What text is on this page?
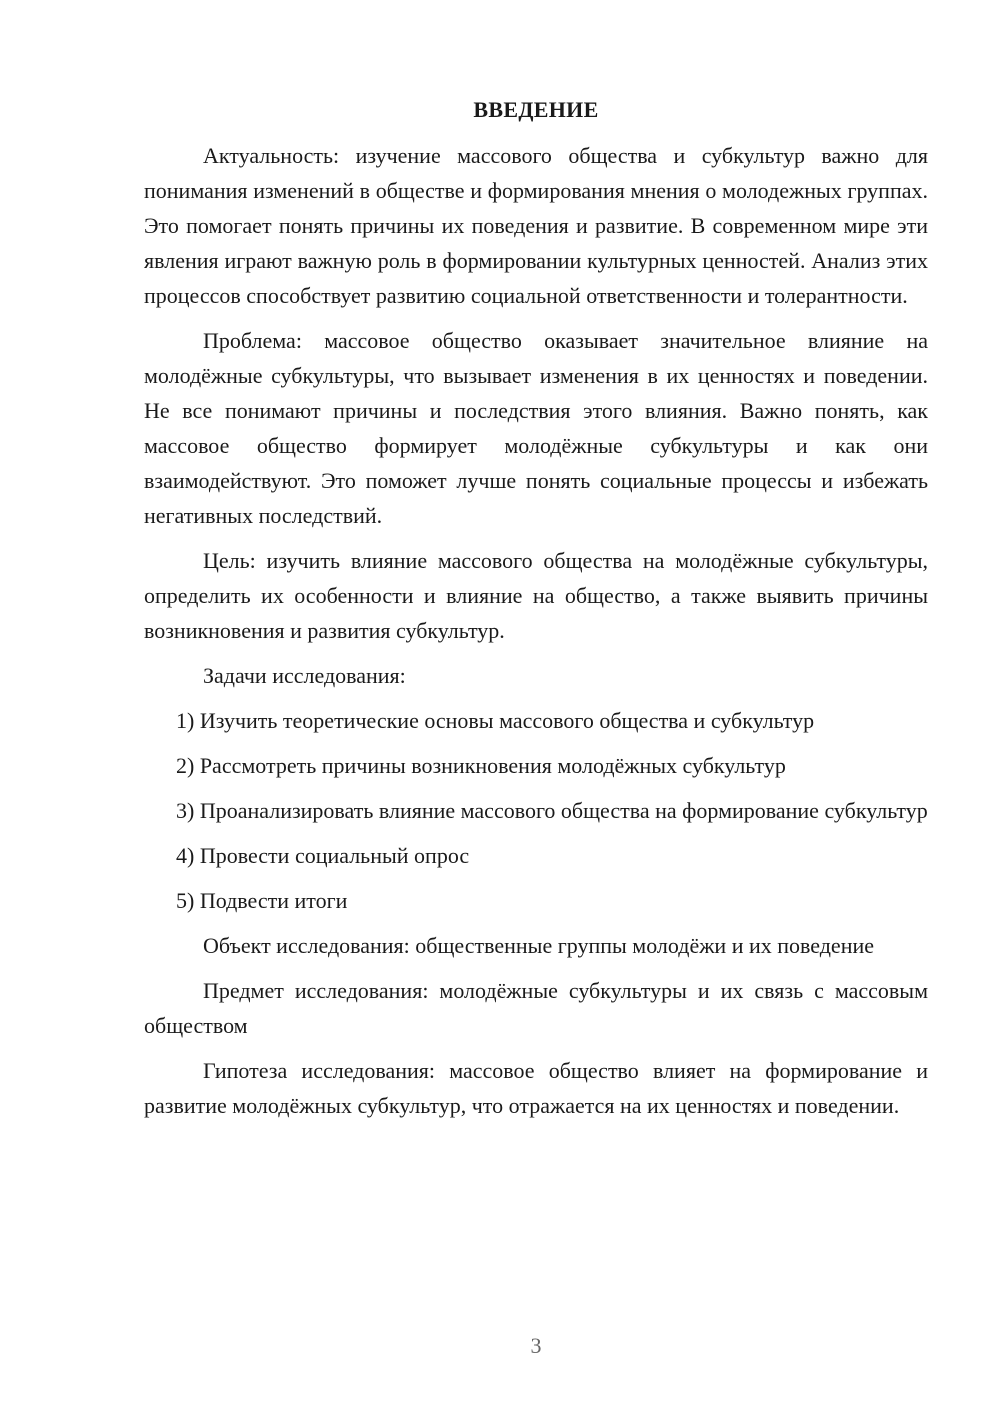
ВВЕДЕНИЕ

Актуальность: изучение массового общества и субкультур важно для понимания изменений в обществе и формирования мнения о молодежных группах. Это помогает понять причины их поведения и развитие. В современном мире эти явления играют важную роль в формировании культурных ценностей. Анализ этих процессов способствует развитию социальной ответственности и толерантности.

Проблема: массовое общество оказывает значительное влияние на молодёжные субкультуры, что вызывает изменения в их ценностях и поведении. Не все понимают причины и последствия этого влияния. Важно понять, как массовое общество формирует молодёжные субкультуры и как они взаимодействуют. Это поможет лучше понять социальные процессы и избежать негативных последствий.

Цель: изучить влияние массового общества на молодёжные субкультуры, определить их особенности и влияние на общество, а также выявить причины возникновения и развития субкультур.

Задачи исследования:

1) Изучить теоретические основы массового общества и субкультур

2) Рассмотреть причины возникновения молодёжных субкультур

3) Проанализировать влияние массового общества на формирование субкультур

4) Провести социальный опрос

5) Подвести итоги

Объект исследования: общественные группы молодёжи и их поведение

Предмет исследования: молодёжные субкультуры и их связь с массовым обществом

Гипотеза исследования: массовое общество влияет на формирование и развитие молодёжных субкультур, что отражается на их ценностях и поведении.

3
